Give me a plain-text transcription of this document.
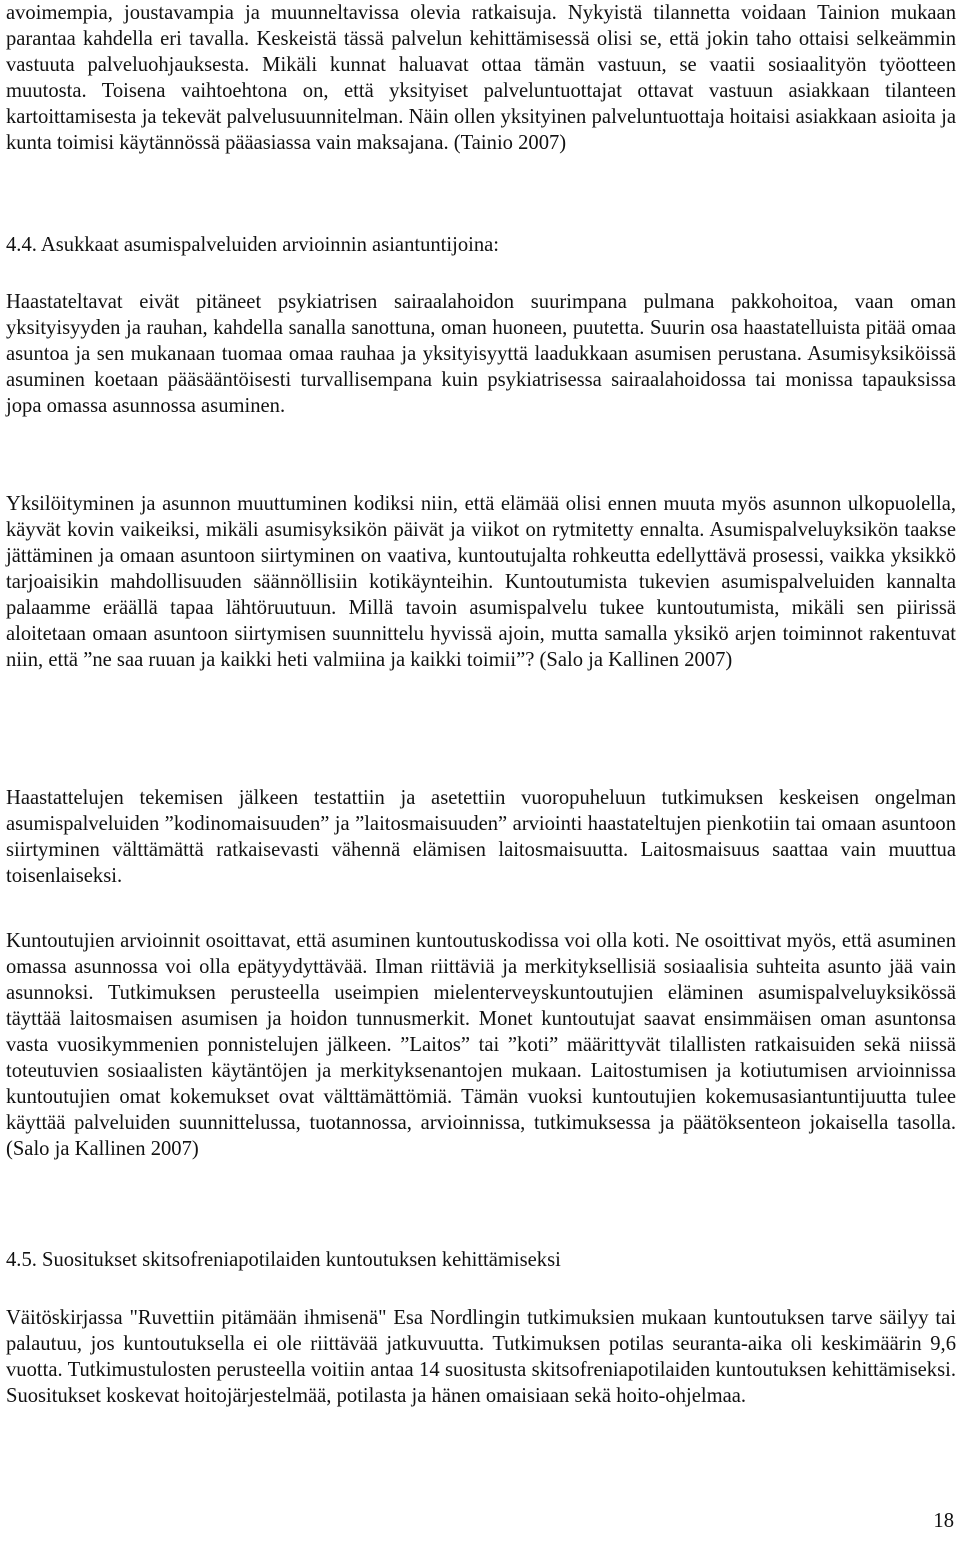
avoimempia, joustavampia ja muunneltavissa olevia ratkaisuja. Nykyistä tilannetta voidaan Tainion mukaan parantaa kahdella eri tavalla. Keskeistä tässä palvelun kehittämisessä olisi se, että jokin taho ottaisi selkeämmin vastuuta palveluohjauksesta. Mikäli kunnat haluavat ottaa tämän vastuun, se vaatii sosiaalityön työotteen muutosta. Toisena vaihtoehtona on, että yksityiset palveluntuottajat ottavat vastuun asiakkaan tilanteen kartoittamisesta ja tekevät palvelusuunnitelman. Näin ollen yksityinen palveluntuottaja hoitaisi asiakkaan asioita ja kunta toimisi käytännössä pääasiassa vain maksajana. (Tainio 2007)

4.4. Asukkaat asumispalveluiden arvioinnin asiantuntijoina:

Haastateltavat eivät pitäneet psykiatrisen sairaalahoidon suurimpana pulmana pakkohoitoa, vaan oman yksityisyyden ja rauhan, kahdella sanalla sanottuna, oman huoneen, puutetta. Suurin osa haastatelluista pitää omaa asuntoa ja sen mukanaan tuomaa omaa rauhaa ja yksityisyyttä laadukkaan asumisen perustana. Asumisyksiköissä asuminen koetaan pääsääntöisesti turvallisempana kuin psykiatrisessa sairaalahoidossa tai monissa tapauksissa jopa omassa asunnossa asuminen.

Yksilöityminen ja asunnon muuttuminen kodiksi niin, että elämää olisi ennen muuta myös asunnon ulkopuolella, käyvät kovin vaikeiksi, mikäli asumisyksikön päivät ja viikot on rytmitetty ennalta. Asumispalveluyksikön taakse jättäminen ja omaan asuntoon siirtyminen on vaativa, kuntoutujalta rohkeutta edellyttävä prosessi, vaikka yksikkö tarjoaisikin mahdollisuuden säännöllisiin kotikäynteihin. Kuntoutumista tukevien asumispalveluiden kannalta palaamme eräällä tapaa lähtöruutuun. Millä tavoin asumispalvelu tukee kuntoutumista, mikäli sen piirissä aloitetaan omaan asuntoon siirtymisen suunnittelu hyvissä ajoin, mutta samalla yksikö arjen toiminnot rakentuvat niin, että ”ne saa ruuan ja kaikki heti valmiina ja kaikki toimii”? (Salo ja Kallinen 2007)

Haastattelujen tekemisen jälkeen testattiin ja asetettiin vuoropuheluun tutkimuksen keskeisen ongelman asumispalveluiden ”kodinomaisuuden” ja ”laitosmaisuuden” arviointi haastateltujen pienkotiin tai omaan asuntoon siirtyminen välttämättä ratkaisevasti vähennä elämisen laitosmaisuutta. Laitosmaisuus saattaa vain muuttua toisenlaiseksi.

Kuntoutujien arvioinnit osoittavat, että asuminen kuntoutuskodissa voi olla koti. Ne osoittivat myös, että asuminen omassa asunnossa voi olla epätyydyttävää. Ilman riittäviä ja merkityksellisiä sosiaalisia suhteita asunto jää vain asunnoksi. Tutkimuksen perusteella useimpien mielenterveyskuntoutujien eläminen asumispalveluyksikössä täyttää laitosmaisen asumisen ja hoidon tunnusmerkit. Monet kuntoutujat saavat ensimmäisen oman asuntonsa vasta vuosikymmenien ponnistelujen jälkeen. ”Laitos” tai ”koti” määrittyvät tilallisten ratkaisuiden sekä niissä toteutuvien sosiaalisten käytäntöjen ja merkityksenantojen mukaan. Laitostumisen ja kotiutumisen arvioinnissa kuntoutujien omat kokemukset ovat välttämättömiä. Tämän vuoksi kuntoutujien kokemusasiantuntijuutta tulee käyttää palveluiden suunnittelussa, tuotannossa, arvioinnissa, tutkimuksessa ja päätöksenteon jokaisella tasolla. (Salo ja Kallinen 2007)

4.5. Suositukset skitsofreniapotilaiden kuntoutuksen kehittämiseksi

Väitöskirjassa "Ruvettiin pitämään ihmisenä" Esa Nordlingin tutkimuksien mukaan kuntoutuksen tarve säilyy tai palautuu, jos kuntoutuksella ei ole riittävää jatkuvuutta. Tutkimuksen potilas seuranta-aika oli keskimäärin 9,6 vuotta. Tutkimustulosten perusteella voitiin antaa 14 suositusta skitsofreniapotilaiden kuntoutuksen kehittämiseksi. Suositukset koskevat hoitojärjestelmää, potilasta ja hänen omaisiaan sekä hoito-ohjelmaa.

18
